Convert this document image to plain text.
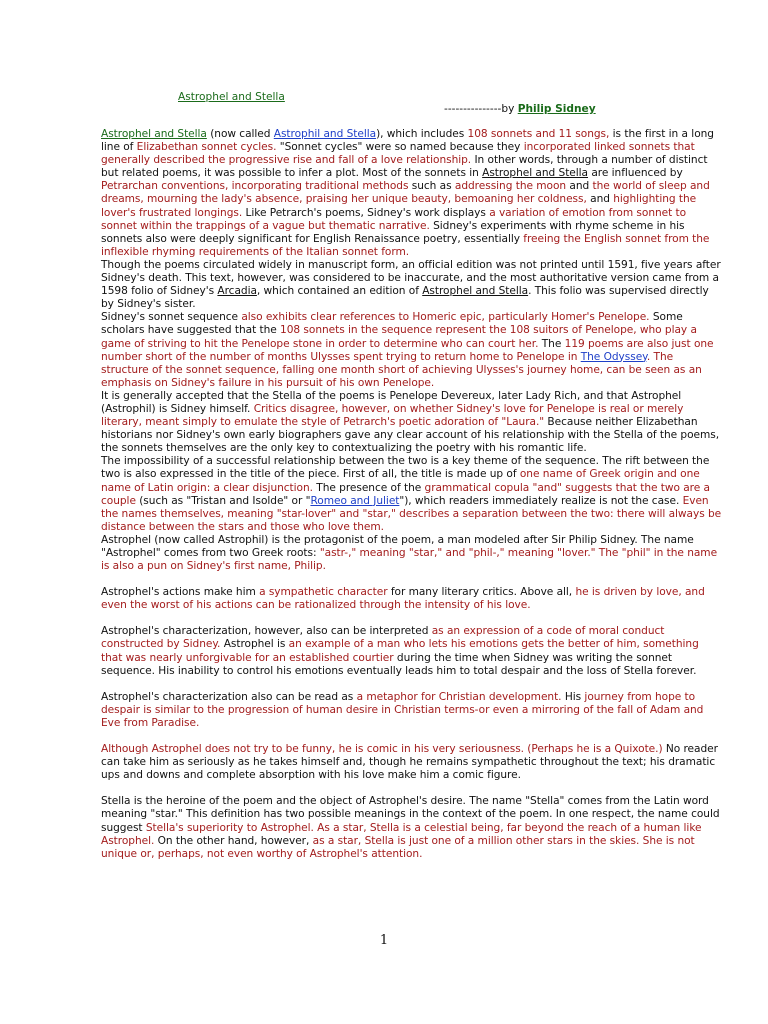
Astrophel and Stella
---------------by Philip Sidney

Astrophel and Stella (now called Astrophil and Stella), which includes 108 sonnets and 11 songs, is the first in a long line of Elizabethan sonnet cycles. "Sonnet cycles" were so named because they incorporated linked sonnets that generally described the progressive rise and fall of a love relationship. In other words, through a number of distinct but related poems, it was possible to infer a plot. Most of the sonnets in Astrophel and Stella are influenced by Petrarchan conventions, incorporating traditional methods such as addressing the moon and the world of sleep and dreams, mourning the lady's absence, praising her unique beauty, bemoaning her coldness, and highlighting the lover's frustrated longings. Like Petrarch's poems, Sidney's work displays a variation of emotion from sonnet to sonnet within the trappings of a vague but thematic narrative. Sidney's experiments with rhyme scheme in his sonnets also were deeply significant for English Renaissance poetry, essentially freeing the English sonnet from the inflexible rhyming requirements of the Italian sonnet form.

Though the poems circulated widely in manuscript form, an official edition was not printed until 1591, five years after Sidney's death. This text, however, was considered to be inaccurate, and the most authoritative version came from a 1598 folio of Sidney's Arcadia, which contained an edition of Astrophel and Stella. This folio was supervised directly by Sidney's sister.

Sidney's sonnet sequence also exhibits clear references to Homeric epic, particularly Homer's Penelope. Some scholars have suggested that the 108 sonnets in the sequence represent the 108 suitors of Penelope, who play a game of striving to hit the Penelope stone in order to determine who can court her. The 119 poems are also just one number short of the number of months Ulysses spent trying to return home to Penelope in The Odyssey. The structure of the sonnet sequence, falling one month short of achieving Ulysses's journey home, can be seen as an emphasis on Sidney's failure in his pursuit of his own Penelope.

It is generally accepted that the Stella of the poems is Penelope Devereux, later Lady Rich, and that Astrophel (Astrophil) is Sidney himself. Critics disagree, however, on whether Sidney's love for Penelope is real or merely literary, meant simply to emulate the style of Petrarch's poetic adoration of "Laura." Because neither Elizabethan historians nor Sidney's own early biographers gave any clear account of his relationship with the Stella of the poems, the sonnets themselves are the only key to contextualizing the poetry with his romantic life.

The impossibility of a successful relationship between the two is a key theme of the sequence. The rift between the two is also expressed in the title of the piece. First of all, the title is made up of one name of Greek origin and one name of Latin origin: a clear disjunction. The presence of the grammatical copula "and" suggests that the two are a couple (such as "Tristan and Isolde" or "Romeo and Juliet"), which readers immediately realize is not the case. Even the names themselves, meaning "star-lover" and "star," describes a separation between the two: there will always be distance between the stars and those who love them.

Astrophel (now called Astrophil) is the protagonist of the poem, a man modeled after Sir Philip Sidney. The name "Astrophel" comes from two Greek roots: "astr-," meaning "star," and "phil-," meaning "lover." The "phil" in the name is also a pun on Sidney's first name, Philip.

Astrophel's actions make him a sympathetic character for many literary critics. Above all, he is driven by love, and even the worst of his actions can be rationalized through the intensity of his love.

Astrophel's characterization, however, also can be interpreted as an expression of a code of moral conduct constructed by Sidney. Astrophel is an example of a man who lets his emotions gets the better of him, something that was nearly unforgivable for an established courtier during the time when Sidney was writing the sonnet sequence. His inability to control his emotions eventually leads him to total despair and the loss of Stella forever.

Astrophel's characterization also can be read as a metaphor for Christian development. His journey from hope to despair is similar to the progression of human desire in Christian terms-or even a mirroring of the fall of Adam and Eve from Paradise.

Although Astrophel does not try to be funny, he is comic in his very seriousness. (Perhaps he is a Quixote.) No reader can take him as seriously as he takes himself and, though he remains sympathetic throughout the text; his dramatic ups and downs and complete absorption with his love make him a comic figure.

Stella is the heroine of the poem and the object of Astrophel's desire. The name "Stella" comes from the Latin word meaning "star." This definition has two possible meanings in the context of the poem. In one respect, the name could suggest Stella's superiority to Astrophel. As a star, Stella is a celestial being, far beyond the reach of a human like Astrophel. On the other hand, however, as a star, Stella is just one of a million other stars in the skies. She is not unique or, perhaps, not even worthy of Astrophel's attention.

1
